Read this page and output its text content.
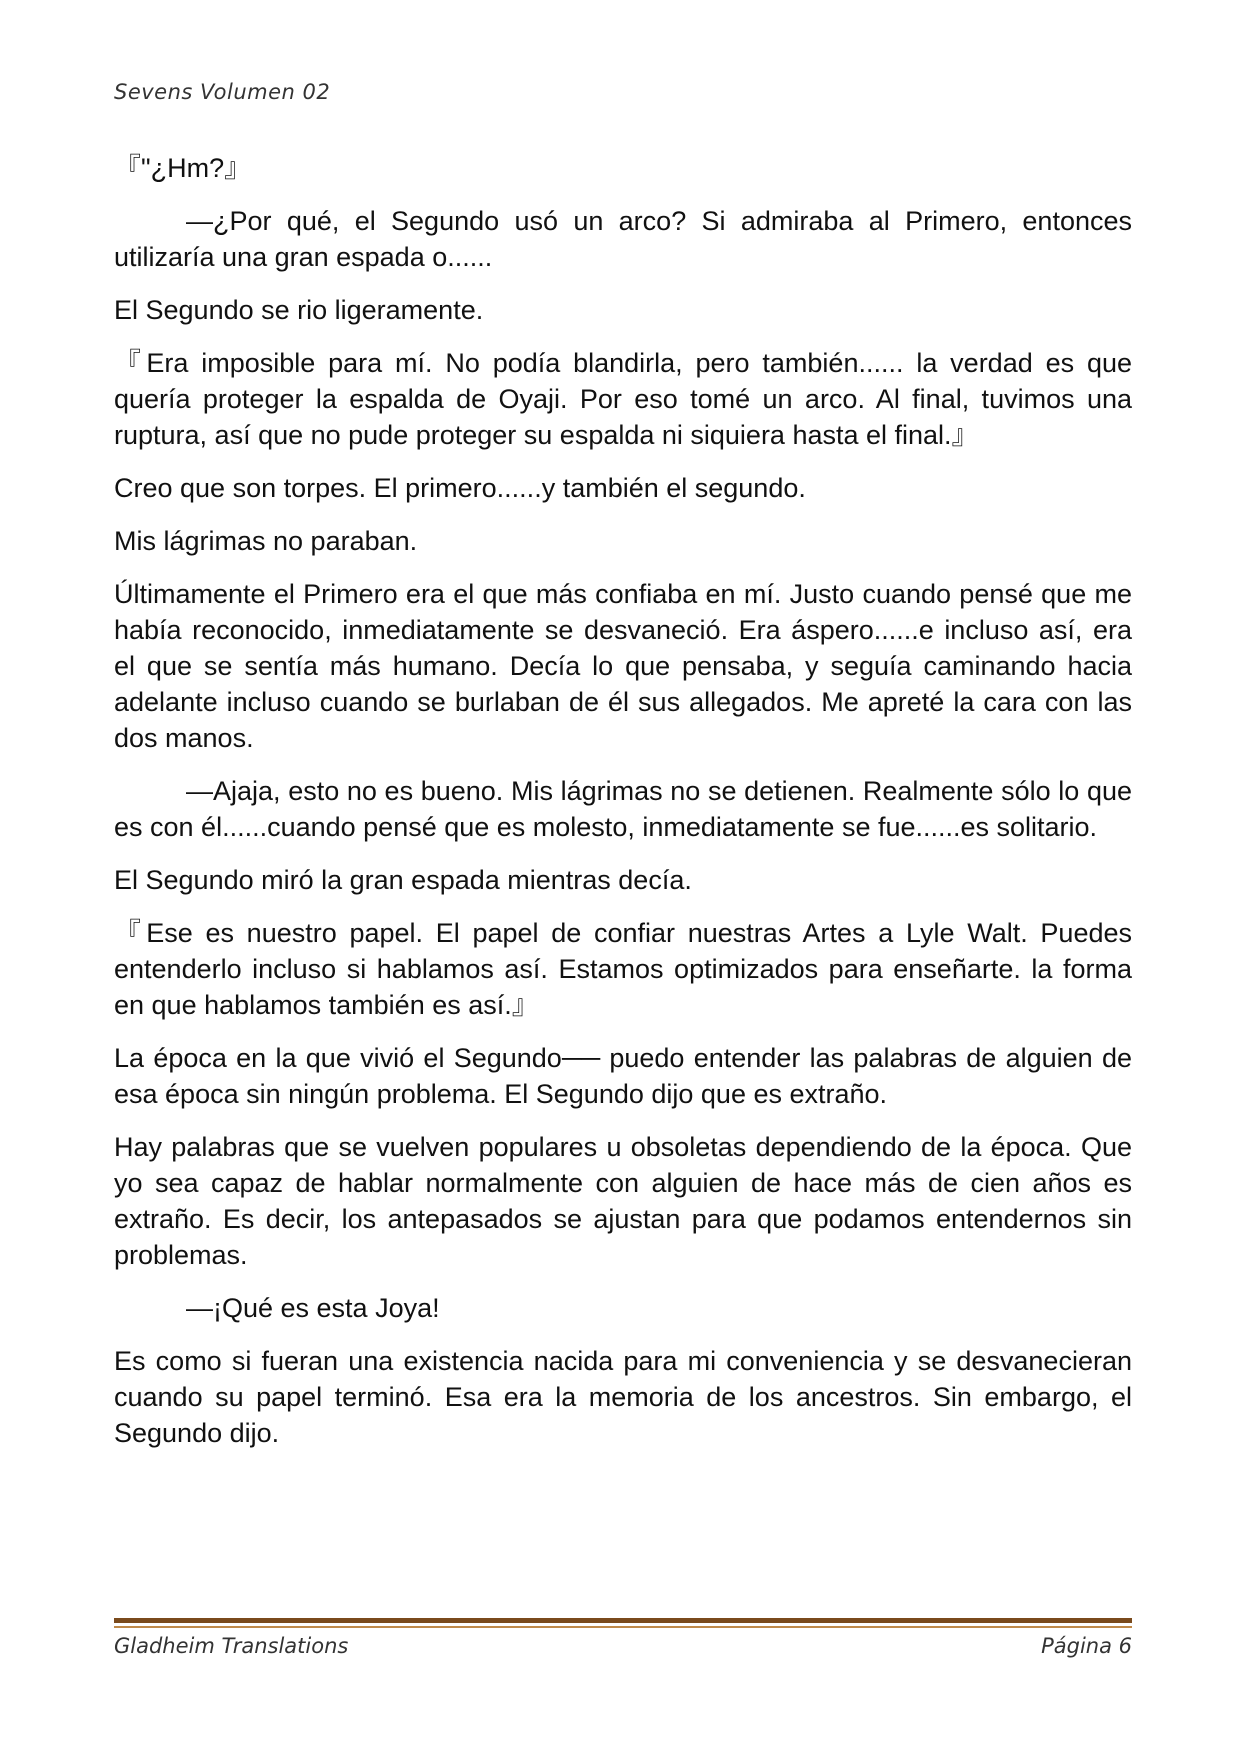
Sevens Volumen 02

『"¿Hm?』

—¿Por qué, el Segundo usó un arco? Si admiraba al Primero, entonces utilizaría una gran espada o......

El Segundo se rio ligeramente.

『Era imposible para mí. No podía blandirla, pero también...... la verdad es que quería proteger la espalda de Oyaji. Por eso tomé un arco. Al final, tuvimos una ruptura, así que no pude proteger su espalda ni siquiera hasta el final.』

Creo que son torpes. El primero......y también el segundo.

Mis lágrimas no paraban.

Últimamente el Primero era el que más confiaba en mí. Justo cuando pensé que me había reconocido, inmediatamente se desvaneció. Era áspero......e incluso así, era el que se sentía más humano. Decía lo que pensaba, y seguía caminando hacia adelante incluso cuando se burlaban de él sus allegados. Me apreté la cara con las dos manos.

—Ajaja, esto no es bueno. Mis lágrimas no se detienen. Realmente sólo lo que es con él......cuando pensé que es molesto, inmediatamente se fue......es solitario.

El Segundo miró la gran espada mientras decía.

『Ese es nuestro papel. El papel de confiar nuestras Artes a Lyle Walt. Puedes entenderlo incluso si hablamos así. Estamos optimizados para enseñarte. la forma en que hablamos también es así.』

La época en la que vivió el Segundo── puedo entender las palabras de alguien de esa época sin ningún problema. El Segundo dijo que es extraño.

Hay palabras que se vuelven populares u obsoletas dependiendo de la época. Que yo sea capaz de hablar normalmente con alguien de hace más de cien años es extraño. Es decir, los antepasados se ajustan para que podamos entendernos sin problemas.

—¡Qué es esta Joya!

Es como si fueran una existencia nacida para mi conveniencia y se desvanecieran cuando su papel terminó. Esa era la memoria de los ancestros. Sin embargo, el Segundo dijo.

Gladheim Translations	Página 6
